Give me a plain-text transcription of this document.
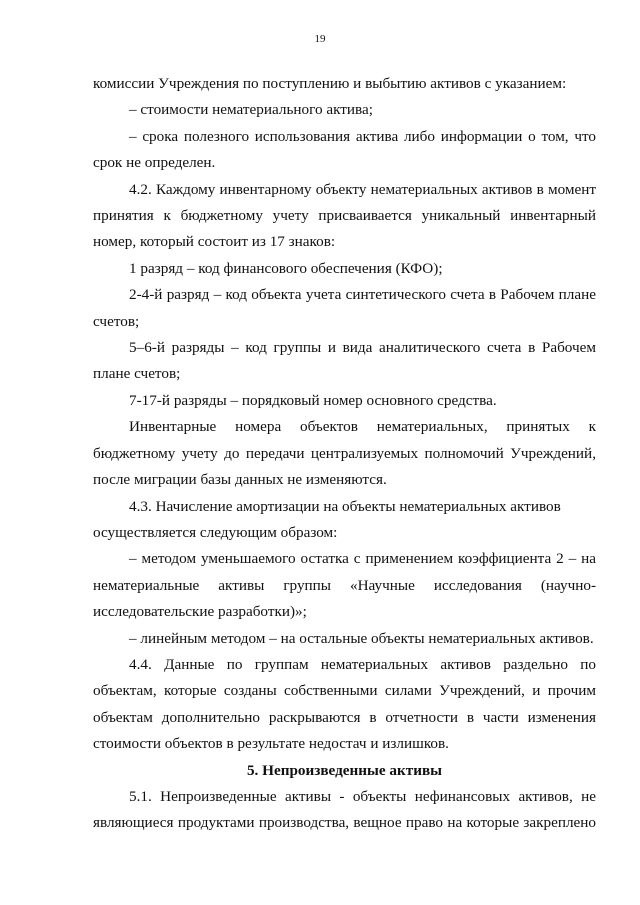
19

комиссии Учреждения по поступлению и выбытию активов с указанием:

– стоимости нематериального актива;

– срока полезного использования актива либо информации о том, что

срок не определен.

4.2. Каждому инвентарному объекту нематериальных активов в момент

принятия к бюджетному учету присваивается уникальный инвентарный

номер, который состоит из 17 знаков:

1 разряд – код финансового обеспечения (КФО);

2-4-й разряд – код объекта учета синтетического счета в Рабочем плане

счетов;

5–6-й разряды – код группы и вида аналитического счета в Рабочем

плане счетов;

7-17-й разряды – порядковый номер основного средства.

Инвентарные номера объектов нематериальных, принятых к

бюджетному учету до передачи централизуемых полномочий Учреждений,

после миграции базы данных не изменяются.

4.3. Начисление амортизации на объекты нематериальных активов

осуществляется следующим образом:

– методом уменьшаемого остатка с применением коэффициента 2 – на

нематериальные активы группы «Научные исследования (научно-

исследовательские разработки)»;

– линейным методом – на остальные объекты нематериальных активов.

4.4. Данные по группам нематериальных активов раздельно по

объектам, которые созданы собственными силами Учреждений, и прочим

объектам дополнительно раскрываются в отчетности в части изменения

стоимости объектов в результате недостач и излишков.

5. Непроизведенные активы

5.1. Непроизведенные активы - объекты нефинансовых активов, не

являющиеся продуктами производства, вещное право на которые закреплено
